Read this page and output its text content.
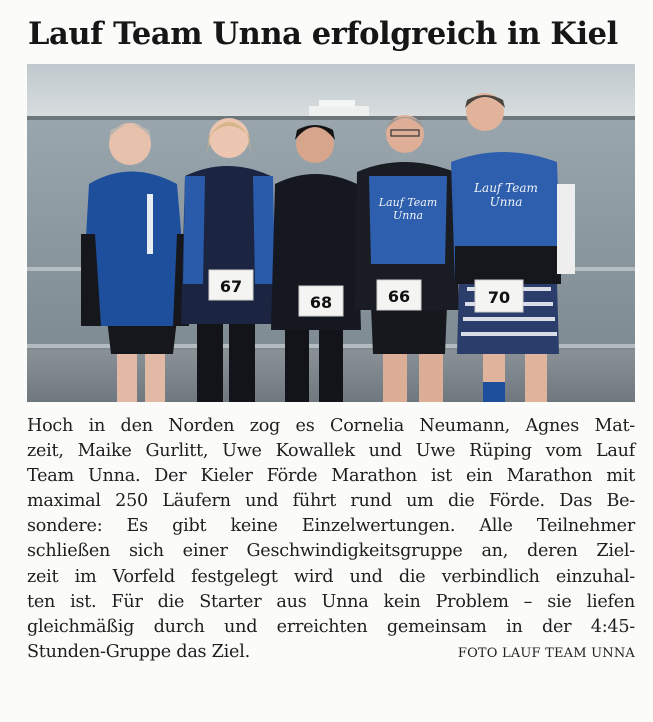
Lauf Team Unna erfolgreich in Kiel
67
68
Lauf Team
Unna
66
Lauf Team
Unna
70
Hoch in den Norden zog es Cornelia Neumann, Agnes Mat-
zeit, Maike Gurlitt, Uwe Kowallek und Uwe Rüping vom Lauf
Team Unna. Der Kieler Förde Marathon ist ein Marathon mit
maximal 250 Läufern und führt rund um die Förde. Das Be-
sondere: Es gibt keine Einzelwertungen. Alle Teilnehmer
schließen sich einer Geschwindigkeitsgruppe an, deren Ziel-
zeit im Vorfeld festgelegt wird und die verbindlich einzuhal-
ten ist. Für die Starter aus Unna kein Problem – sie liefen
gleichmäßig durch und erreichten gemeinsam in der 4:45-
Stunden-Gruppe das Ziel.	FOTO LAUF TEAM UNNA
